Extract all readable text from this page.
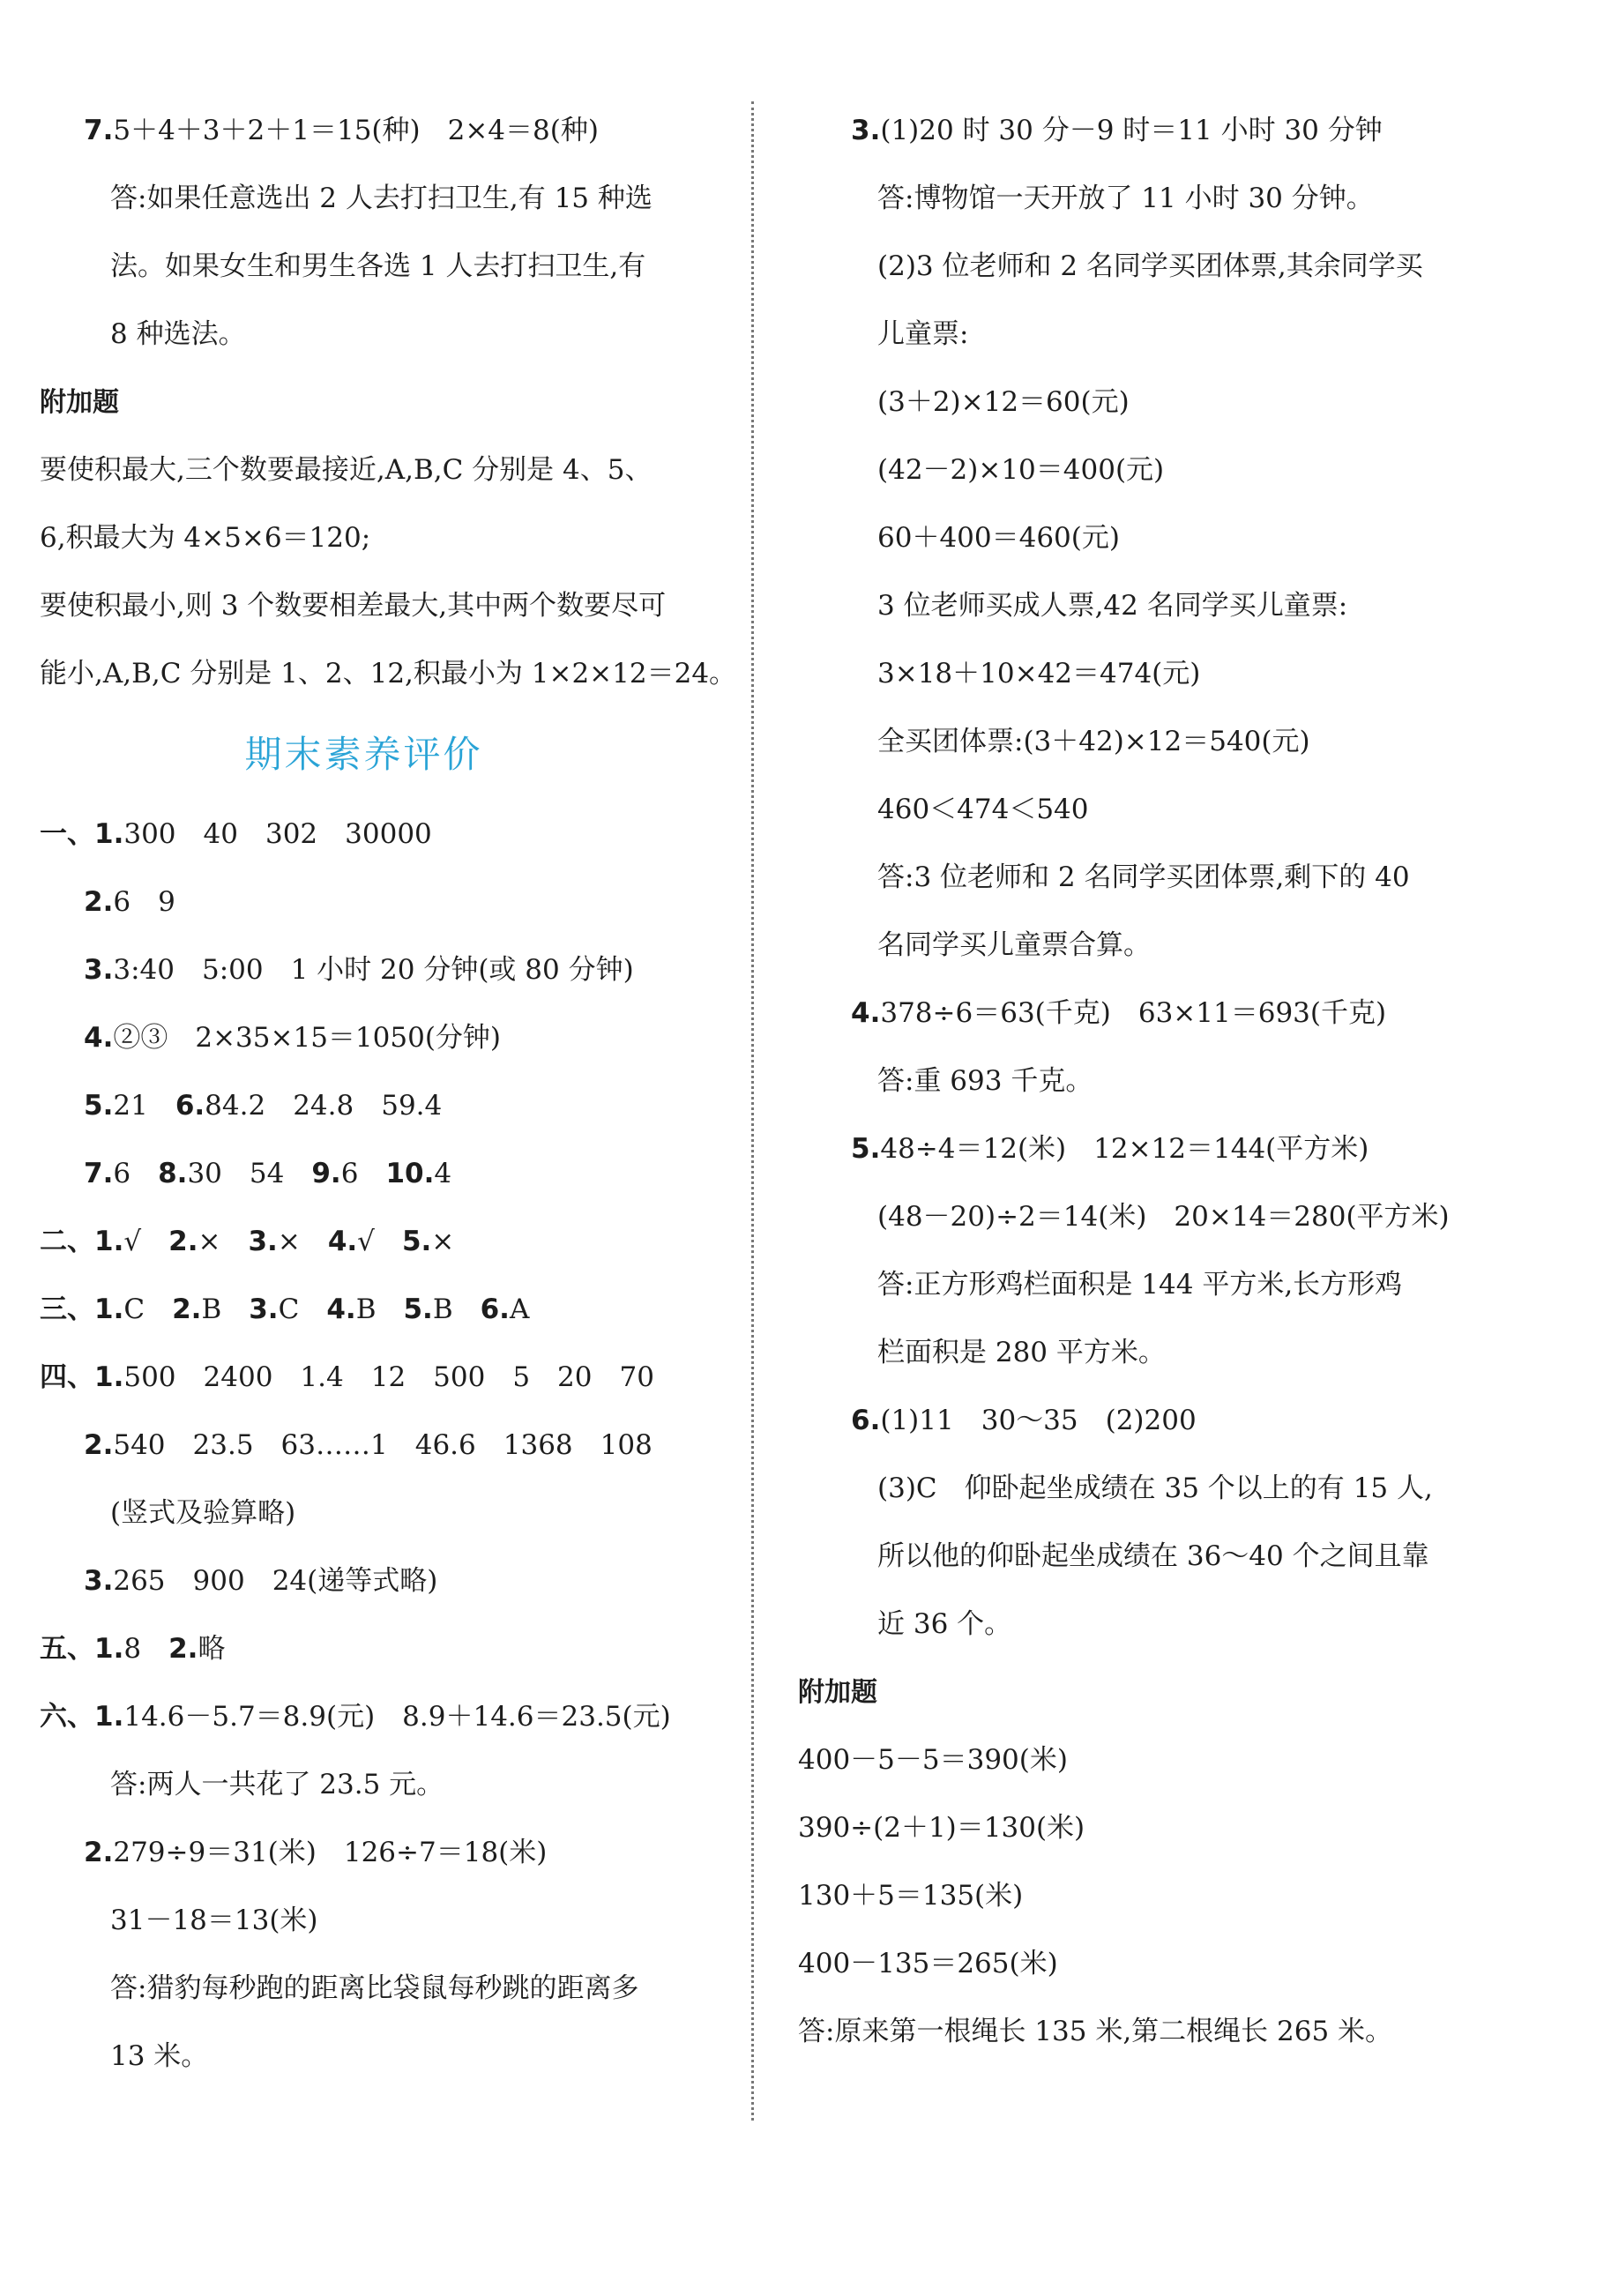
7.5＋4＋3＋2＋1＝15(种)　2×4＝8(种)
答:如果任意选出 2 人去打扫卫生,有 15 种选
法。如果女生和男生各选 1 人去打扫卫生,有
8 种选法。
附加题
要使积最大,三个数要最接近,A,B,C 分别是 4、5、
6,积最大为 4×5×6＝120;
要使积最小,则 3 个数要相差最大,其中两个数要尽可
能小,A,B,C 分别是 1、2、12,积最小为 1×2×12＝24。
期末素养评价
一、1.300　40　302　30000
2.6　9
3.3:40　5:00　1 小时 20 分钟(或 80 分钟)
4.②③　2×35×15＝1050(分钟)
5.21　 6.84.2　24.8　59.4
7.6　 8.30　54　 9.6　 10.4
二、1.√　 2.×　 3.×　 4.√　 5.×
三、1.C　 2.B　 3.C　 4.B　 5.B　 6.A
四、1.500　2400　1.4　12　500　5　20　70
2.540　23.5　63……1　46.6　1368　108
(竖式及验算略)
3.265　900　24(递等式略)
五、1.8　 2.略
六、1.14.6－5.7＝8.9(元)　8.9＋14.6＝23.5(元)
答:两人一共花了 23.5 元。
2.279÷9＝31(米)　126÷7＝18(米)
31－18＝13(米)
答:猎豹每秒跑的距离比袋鼠每秒跳的距离多
13 米。
3.(1)20 时 30 分－9 时＝11 小时 30 分钟
答:博物馆一天开放了 11 小时 30 分钟。
(2)3 位老师和 2 名同学买团体票,其余同学买
儿童票:
(3＋2)×12＝60(元)
(42－2)×10＝400(元)
60＋400＝460(元)
3 位老师买成人票,42 名同学买儿童票:
3×18＋10×42＝474(元)
全买团体票:(3＋42)×12＝540(元)
460＜474＜540
答:3 位老师和 2 名同学买团体票,剩下的 40
名同学买儿童票合算。
4.378÷6＝63(千克)　63×11＝693(千克)
答:重 693 千克。
5.48÷4＝12(米)　12×12＝144(平方米)
(48－20)÷2＝14(米)　20×14＝280(平方米)
答:正方形鸡栏面积是 144 平方米,长方形鸡
栏面积是 280 平方米。
6.(1)11　30～35　(2)200
(3)C　仰卧起坐成绩在 35 个以上的有 15 人,
所以他的仰卧起坐成绩在 36～40 个之间且靠
近 36 个。
附加题
400－5－5＝390(米)
390÷(2＋1)＝130(米)
130＋5＝135(米)
400－135＝265(米)
答:原来第一根绳长 135 米,第二根绳长 265 米。
